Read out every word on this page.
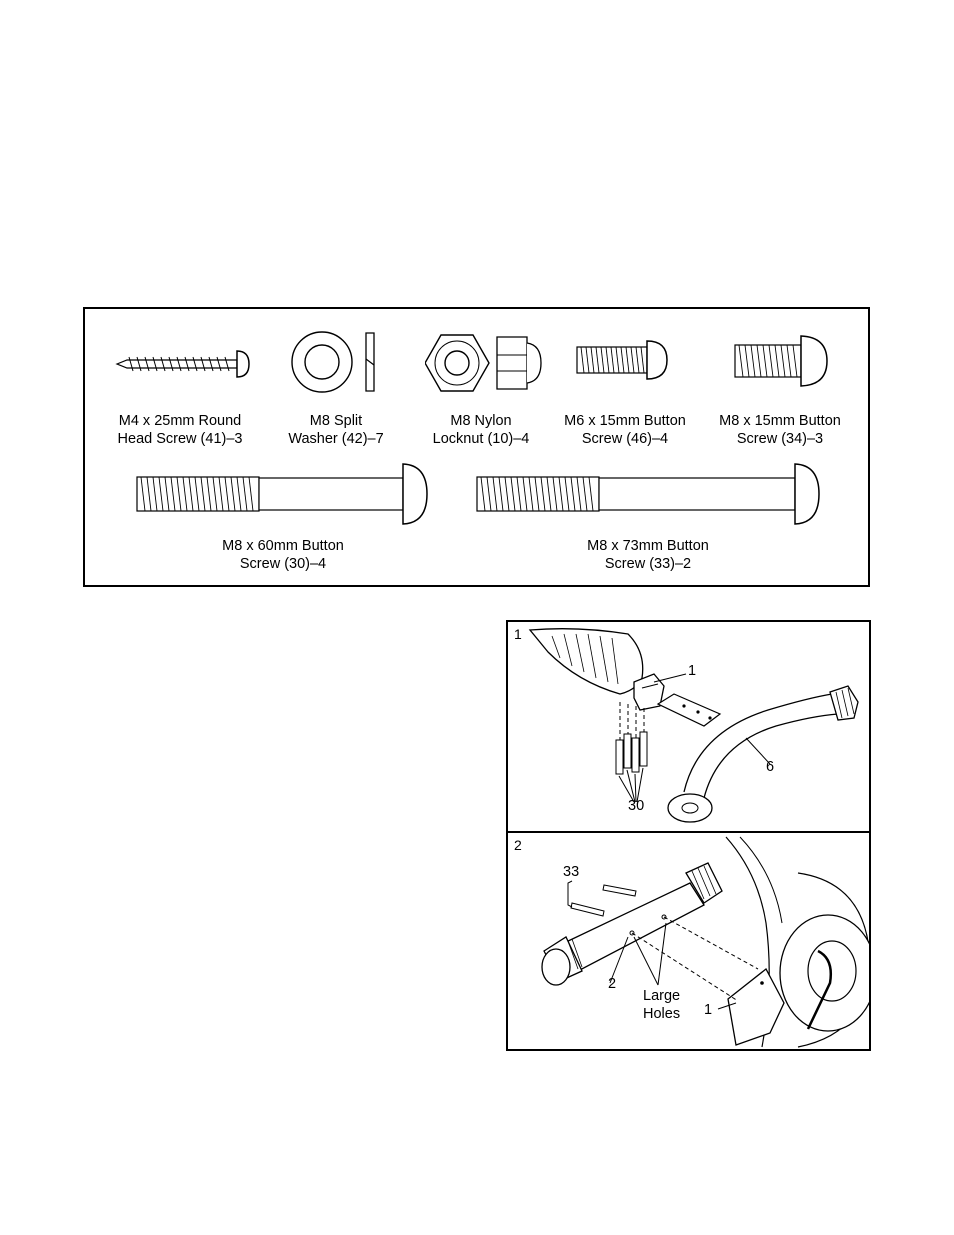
M4 x 25mm Round
Head Screw (41)–3
M8 Split
Washer (42)–7
M8 Nylon
Locknut (10)–4
M6 x 15mm Button
Screw (46)–4
M8 x 15mm Button
Screw (34)–3
M8 x 60mm Button
Screw (30)–4
M8 x 73mm Button
Screw (33)–2
1
1
6
30
2
33
2
Large
Holes 1
